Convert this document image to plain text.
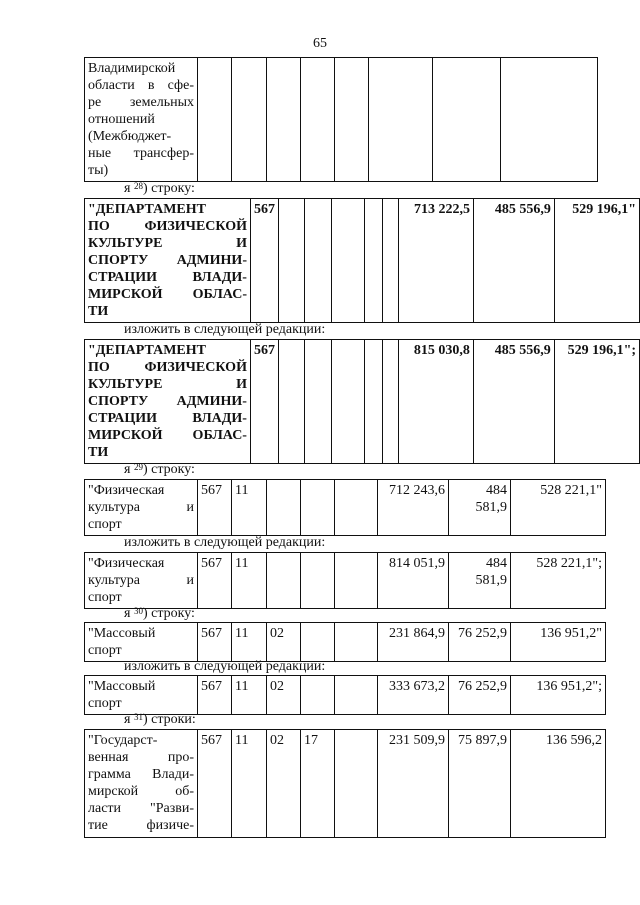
65
Владимирской
области в сфе-
ре земельных
отношений
(Межбюджет-
ные трансфер-
ты)

я $^{28}$) строку:
"ДЕПАРТАМЕНТ
ПО ФИЗИЧЕСКОЙ
КУЛЬТУРЕ И
СПОРТУ АДМИНИ-
СТРАЦИИ ВЛАДИ-
МИРСКОЙ ОБЛАС-
ТИ
	567						713 222,5	485 556,9	529 196,1"
изложить в следующей редакции:
"ДЕПАРТАМЕНТ
ПО ФИЗИЧЕСКОЙ
КУЛЬТУРЕ И
СПОРТУ АДМИНИ-
СТРАЦИИ ВЛАДИ-
МИРСКОЙ ОБЛАС-
ТИ
	567						815 030,8	485 556,9	529 196,1";
я $^{29}$) строку:
"Физическая
культура и
спорт
	567	11				712 243,6	484 581,9	528 221,1"
изложить в следующей редакции:
"Физическая
культура и
спорт
	567	11				814 051,9	484 581,9	528 221,1";
я $^{30}$) строку:
"Массовый
спорт
	567	11	02			231 864,9	76 252,9	136 951,2"
изложить в следующей редакции:
"Массовый
спорт
	567	11	02			333 673,2	76 252,9	136 951,2";
я $^{31}$) строки:
"Государст-
венная про-
грамма Влади-
мирской об-
ласти "Разви-
тие физиче-
	567	11	02	17		231 509,9	75 897,9	136 596,2
